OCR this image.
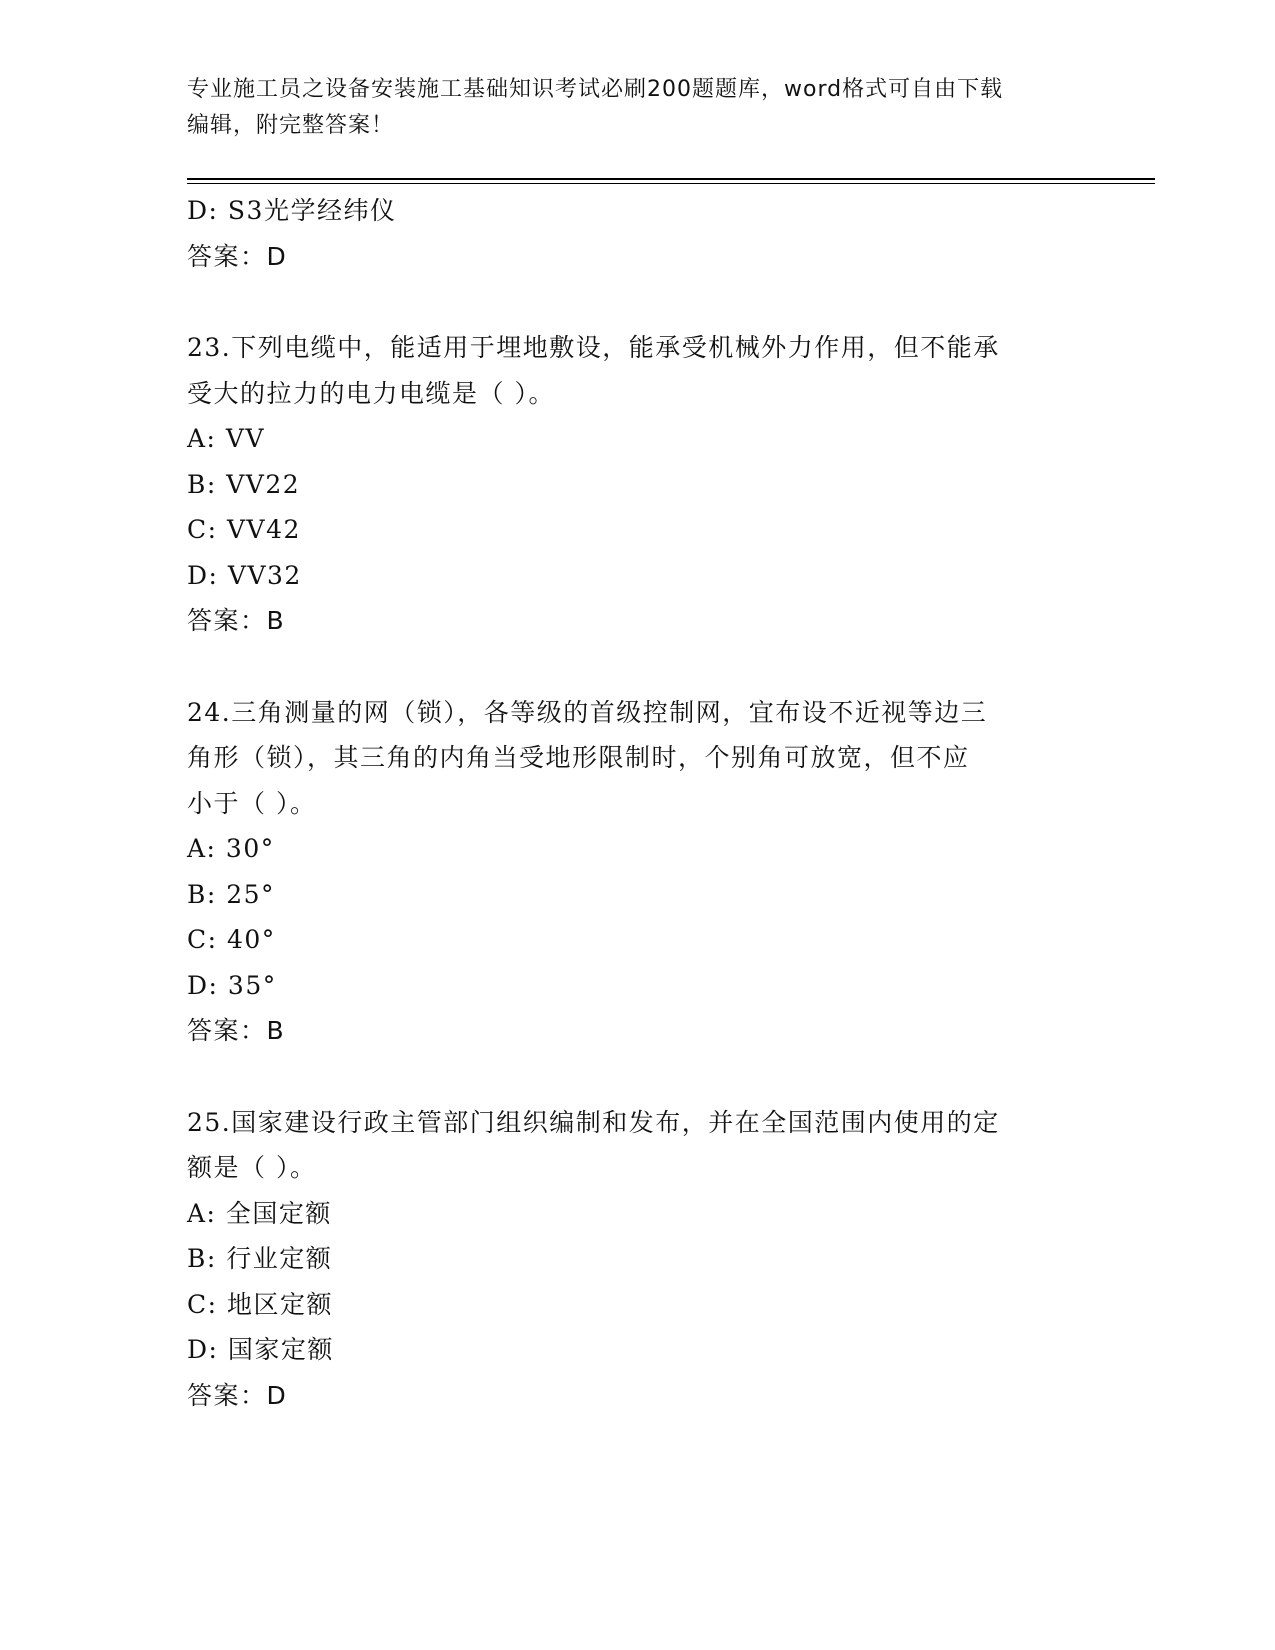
专业施工员之设备安装施工基础知识考试必刷200题题库，word格式可自由下载
编辑，附完整答案！
D: S3光学经纬仪
答案：D
23.下列电缆中，能适用于埋地敷设，能承受机械外力作用，但不能承
受大的拉力的电力电缆是（ ）。
A: VV
B: VV22
C: VV42
D: VV32
答案：B
24.三角测量的网（锁），各等级的首级控制网，宜布设不近视等边三
角形（锁），其三角的内角当受地形限制时，个别角可放宽，但不应
小于（ ）。
A: 30°
B: 25°
C: 40°
D: 35°
答案：B
25.国家建设行政主管部门组织编制和发布，并在全国范围内使用的定
额是（ ）。
A: 全国定额
B: 行业定额
C: 地区定额
D: 国家定额
答案：D
